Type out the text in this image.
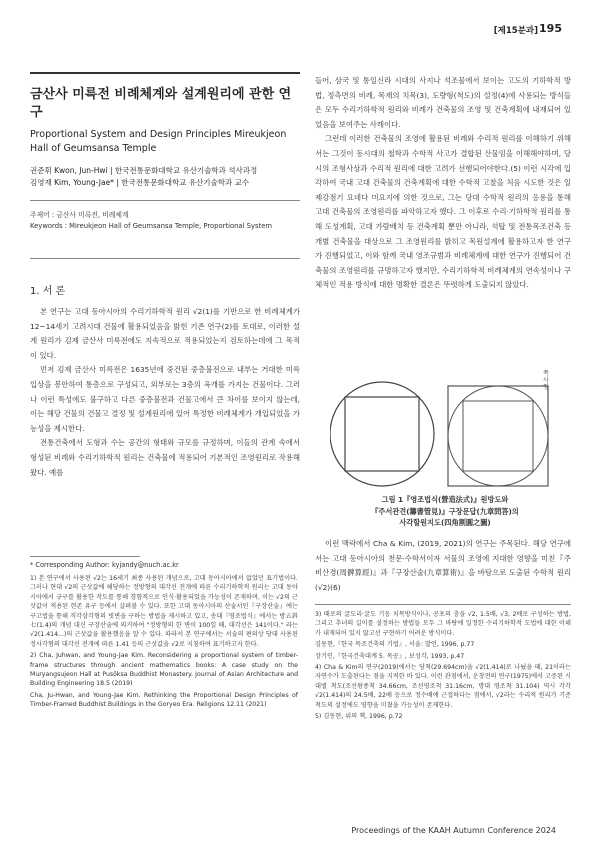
[제15분과] 195
금산사 미륵전 비례체계와 설계원리에 관한 연구
Proportional System and Design Principles Mireukjeon Hall of Geumsansa Temple
권준휘 Kwon, Jun-Hwi | 한국전통문화대학교 유산기술학과 석사과정
김영재 Kim, Young-Jae* | 한국전통문화대학교 유산기술학과 교수
주제어 : 금산사 미륵전, 비례체계
Keywords : Mireukjeon Hall of Geumsansa Temple, Proportional System
1. 서 론

본 연구는 고대 동아시아의 수리기하학적 원리 √2(1)를 기반으로 한 비례체계가 12~14세기 고려시대 건물에 활용되었음을 밝힌 기존 연구(2)를 토대로, 이러한 설계 원리가 김제 금산사 미륵전에도 지속적으로 적용되었는지 검토하는데에 그 목적이 있다.

먼저 김제 금산사 미륵전은 1635년에 중건된 중층불전으로 내부는 거대한 미륵입상을 봉안하여 통층으로 구성되고, 외부로는 3층의 옥개를 가지는 건물이다. 그러나 이런 특성에도 불구하고 다른 중층불전과 건물고에서 큰 차이를 보이지 않는데, 이는 해당 건물의 건물고 결정 및 설계원리에 있어 특정한 비례체계가 개입되었을 가능성을 제시한다.

전통건축에서 도형과 수는 공간의 형태와 규모를 규정하며, 이들의 관계 속에서 형성된 비례와 수리기하학적 원리는 건축물에 적용되어 기본적인 조영원리로 작용해왔다. 예를

* Corresponding Author: kyjandy@nuch.ac.kr

1) 본 연구에서 사용된 √2는 16세기 최종 사용된 개념으로, 고대 동아시아에서 없었던 표기법이다. 그러나 현대 √2의 근삿값에 해당하는 정방형의 대각선 전개에 따른 수리기하학적 원리는 고대 동아시아에서 규구를 활용한 작도를 통해 경험적으로 인식·활용되었을 가능성이 존재하며, 이는 √2의 근삿값이 적용된 현존 유구 등에서 살펴볼 수 있다. 또한 고대 동아시아의 산술서인『구장산술』에는 구고법을 통해 직각삼각형의 빗변을 구하는 방법을 제시하고 있고, 송대『영조법식』에서는 방五斜七(1.4)의 개념 대신 구장산술에 의거하여 "정방형의 한 변이 100일 때, 대각선은 141이다." 라는 √2(1.414...)의 근삿값을 활용했음을 알 수 있다. 따라서 본 연구에서는 서술의 편의상 당대 사용된 정사각형의 대각선 전개에 따른 1.41 등의 근삿값을 √2로 지칭하여 표기하고자 한다.

2) Cha, Juhwan, and Young-Jae Kim. Reconsidering a proportional system of timber-frame structures through ancient mathematics books: A case study on the Muryangsujeon Hall at Pusŏksa Buddhist Monastery. Journal of Asian Architecture and Building Engineering 18.5 (2019)

Cha, Ju-Hwan, and Young-Jae Kim. Rethinking the Proportional Design Principles of Timber-Framed Buddhist Buildings in the Goryeo Era. Religions 12.11 (2021)

들어, 삼국 및 통일신라 시대의 사지나 석조물에서 보이는 고도의 기하학적 방법, 정측면의 비례, 목재의 치목(3), 도량형(척도)의 설정(4)에 사용되는 방식들은 모두 수리기하학적 원리와 비례가 건축물의 조영 및 건축계획에 내재되어 있었음을 보여주는 사례이다.

그런데 이러한 건축물의 조영에 활용된 비례와 수리적 원리를 이해하기 위해서는 그것이 동시대의 철학과 수학적 사고가 결합된 산물임을 이해해야하며, 당시의 조형사상과 수리적 원리에 대한 고려가 선행되어야한다.(5) 이런 시각에 입각하여 국내 고대 건축물의 건축계획에 대한 수학적 고찰을 처음 시도한 것은 일제강점기 요네다 미요지에 의한 것으로, 그는 당대 수학적 원리의 응용을 통해 고대 건축물의 조영원리를 파악하고자 했다. 그 이후로 수리·기하학적 원리를 통해 도성계획, 고대 가람배치 등 건축계획 뿐만 아니라, 석탑 및 전통목조건축 등 개별 건축물을 대상으로 그 조영원리를 밝히고 목원설계에 활용하고자 한 연구가 진행되었고, 이와 함께 국내 영조규범과 비례체계에 대한 연구가 진행되어 건축물의 조영원리를 규명하고자 했지만, 수리기하학적 비례체계의 연속성이나 구체적인 적용 방식에 대한 명확한 결론은 뚜렷하게 도출되지 않았다.

쪽사형
그림 1『영조법식(營造法式)』원방도와
『주서관견(籌書管見)』구장문답(九章問答)의
사각할원지도(四角割圓之圖)

이런 맥락에서 Cha & Kim, (2019, 2021)의 연구는 주목된다. 해당 연구에서는 고대 동아시아의 천문·수학서이자 서물의 조영에 지대한 영향을 미친『주비산경(周髀算經)』과『구장산술(九章算術)』을 바탕으로 도출된 수학적 원리(√2)(6)

3) 때로의 굴도리·굴도 기둥 치목방식이나, 공포의 충을 √2, 1.5배, √3, 2배로 구성하는 방법, 그리고 추녀의 길이를 설정하는 방법들 모두 그 바탕에 일정한 수리기하학적 도법에 대한 이해가 내재되어 있지 않고선 구현하기 어려운 방식이다.

김동현,『한국 목조건축의 기법』, 서울: 발언, 1996, p.77

장기인,『한국건축대계 5. 목공』, 보성각, 1993, p.47

4) Cha & Kim의 연구(2019)에서는 당척(29.694cm)을 √2(1.414)로 나눴을 때, 21이라는 자연수가 도출된다는 점을 지적한 바 있다. 이런 관점에서, 운창전의 연구(1975)에서 고증된 시대별 척도(조선왕종척 34.66cm, 조선영조척 31.16cm, 명대 영조척 31.104) 역시 각각 √2(1.414)의 24.5배, 22배 등으로 정수배에 근접하다는 점에서, √2라는 수리적 원리가 기준 척도의 설정에도 영향을 미쳤을 가능성이 존재한다.

5) 김동현, 위의 책, 1996, p.72

Proceedings of the KAAH Autumn Conference 2024
